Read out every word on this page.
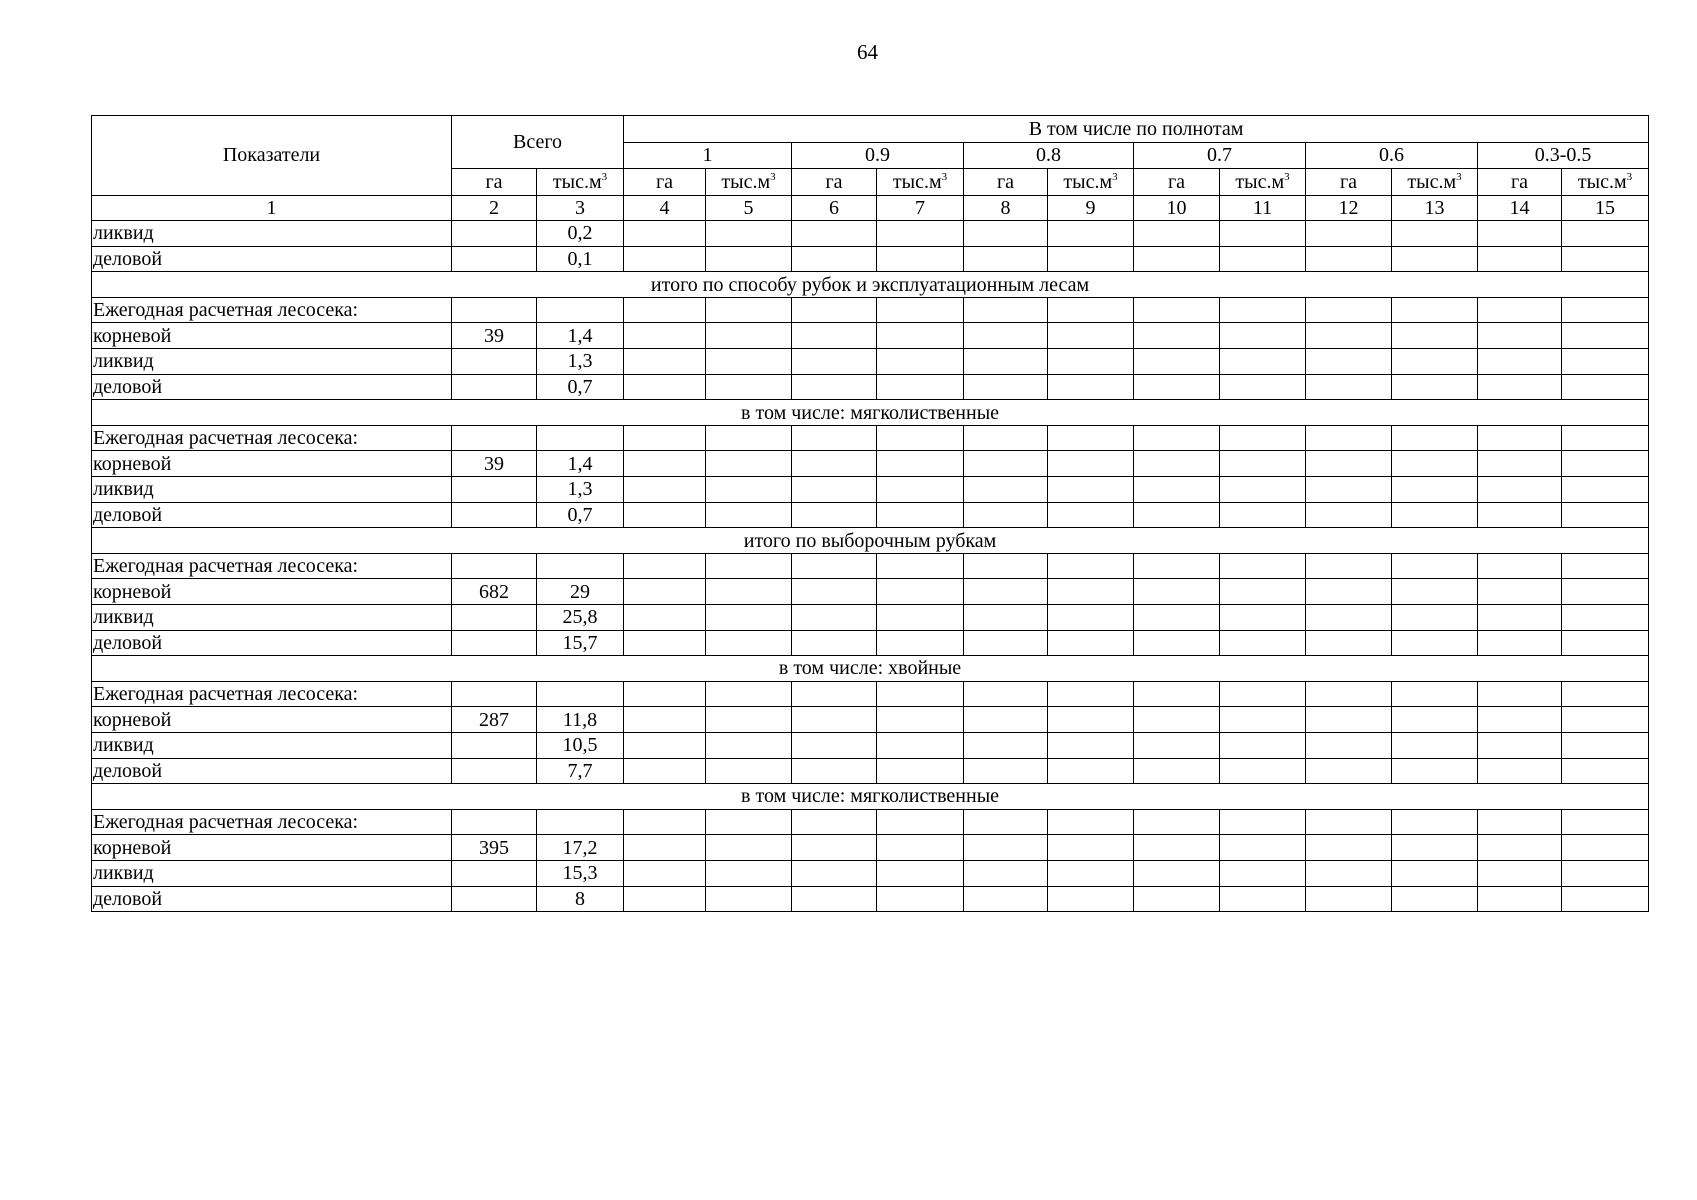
64
Показатели	Всего		В том числе по полнотам											
			1		0.9		0.8		0.7		0.6		0.3-0.5	
	га	$тыс.м^3$	га	$тыс.м^3$	га	$тыс.м^3$	га	$тыс.м^3$	га	$тыс.м^3$	га	$тыс.м^3$	га	$тыс.м^3$
1	2	3	4	5	6	7	8	9	10	11	12	13	14	15
ликвид		0,2												
деловой		0,1												
итого по способу рубок и эксплуатационным лесам														
Ежегодная расчетная лесосека:														
корневой	39	1,4												
ликвид		1,3												
деловой		0,7												
в том числе: мягколиственные														
Ежегодная расчетная лесосека:														
корневой	39	1,4												
ликвид		1,3												
деловой		0,7												
итого по выборочным рубкам														
Ежегодная расчетная лесосека:														
корневой	682	29												
ликвид		25,8												
деловой		15,7												
в том числе: хвойные														
Ежегодная расчетная лесосека:														
корневой	287	11,8												
ликвид		10,5												
деловой		7,7												
в том числе: мягколиственные														
Ежегодная расчетная лесосека:														
корневой	395	17,2												
ликвид		15,3												
деловой		8												
